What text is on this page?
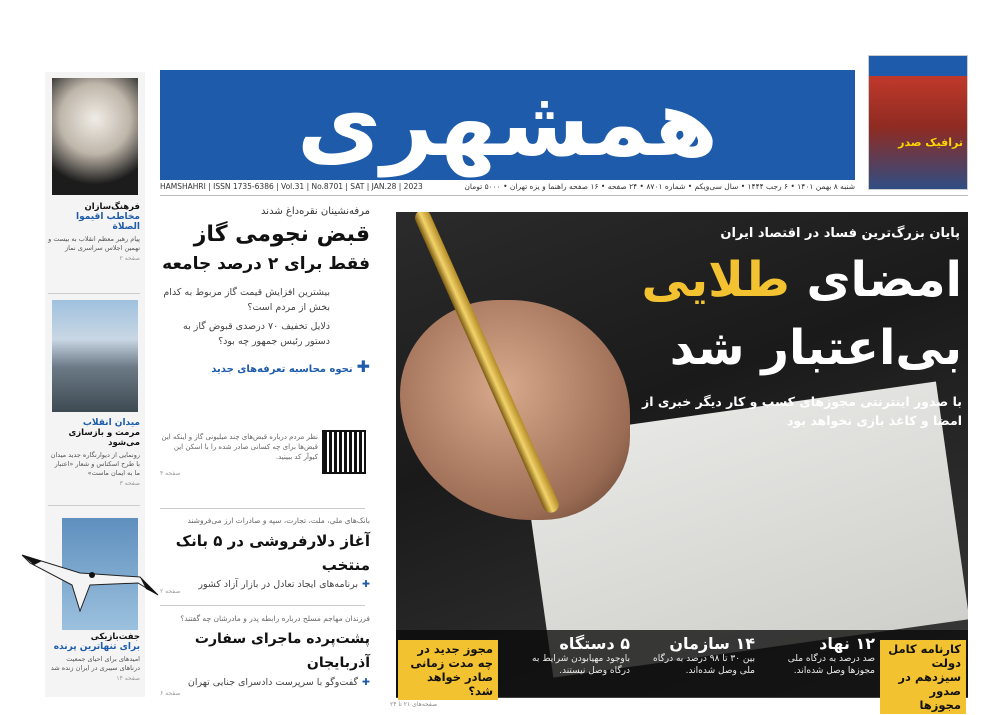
همشهری
HAMSHAHRI | ISSN 1735-6386 | Vol.31 | No.8701 | SAT | JAN.28 | 2023	شنبه ۸ بهمن ۱۴۰۱ • ۶ رجب ۱۴۴۴ • سال سی‌ویکم • شماره ۸۷۰۱ • ۲۴ صفحه • ۱۶ صفحه راهنما و یزه تهران • ۵۰۰۰ تومان
ترافیک صدر
فرهنگ‌سازان
مخاطب اقیموا الصلاة
پیام رهبر معظم انقلاب به بیست و نهمین اجلاس سراسری نماز
صفحه ۲
میدان انقلاب
مرمت و بازسازی می‌شود
رونمایی از دیوارنگاره جدید میدان با طرح اسکناس و شعار «اعتبار ما به ایمان ماست»
صفحه ۳
جفت‌بازیکی
برای تنهاترین پرنده
امیدهای برای احیای جمعیت درناهای سیبری در ایران زنده شد
صفحه ۱۴
مرفه‌نشینان نقره‌داغ شدند
قبض نجومی گاز
فقط برای ۲ درصد جامعه
بیشترین افزایش قیمت گاز مربوط به کدام بخش از مردم است؟
دلایل تخفیف ۷۰ درصدی قبوض گاز به دستور رئیس جمهور چه بود؟
✚نحوه محاسبه تعرفه‌های جدید
نظر مردم درباره قبض‌های چند میلیونی گاز و اینکه این قبض‌ها برای چه کسانی صادر شده را با اسکن این کیو‌آر کد ببینید.
صفحه ۴
بانک‌های ملی، ملت، تجارت، سپه و صادرات ارز می‌فروشند
آغاز دلارفروشی در ۵ بانک منتخب
✚برنامه‌های ایجاد تعادل در بازار آزاد کشور
صفحه ۲
فرزندان مهاجم مسلح درباره رابطه پدر و مادرشان چه گفتند؟
پشت‌پرده ماجرای سفارت آذربایجان
✚گفت‌وگو با سرپرست دادسرای جنایی تهران
صفحه ۶
پایان بزرگ‌ترین فساد در اقتصاد ایران
امضای طلایی
بی‌اعتبار شد
با صدور اینترنتی مجوزهای کسب و کار دیگر خبری از امضا و کاغذ بازی نخواهد بود
۱۲ نهاد
صد درصد به درگاه ملی مجوزها وصل شده‌اند.
۱۴ سازمان
بین ۳۰ تا ۹۸ درصد به درگاه ملی وصل شده‌اند.
۵ دستگاه
باوجود مهیابودن شرایط به درگاه وصل نیستند.
مجوز جدید در چه مدت زمانی صادر خواهد شد؟
کارنامه کامل دولت سیزدهم در صدور مجوزها
صفحه‌های ۲۱ تا ۲۴
